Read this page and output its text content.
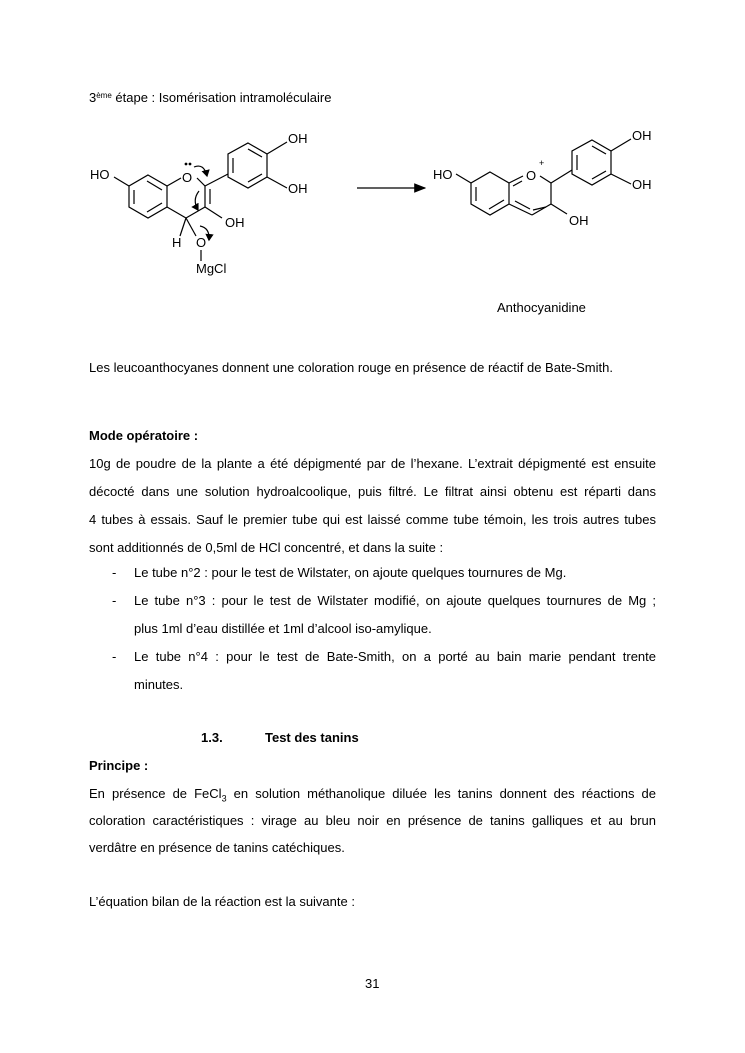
3ème étape : Isomérisation intramoléculaire
HO	O
OH
OH
OH
H O
MgCl
HO	O
+
OH
OH
OH
Anthocyanidine
Les leucoanthocyanes donnent une coloration rouge en présence de réactif de Bate-Smith.
Mode opératoire :
10g de poudre de la plante a été dépigmenté par de l’hexane. L’extrait dépigmenté est ensuite
décocté dans une solution hydroalcoolique, puis filtré. Le filtrat ainsi obtenu est réparti dans
4 tubes à essais. Sauf le premier tube qui est laissé comme tube témoin, les trois autres tubes
sont additionnés de 0,5ml de HCl concentré, et dans la suite :
- Le tube n°2 : pour le test de Wilstater, on ajoute quelques tournures de Mg.
- Le tube n°3 : pour le test de Wilstater modifié, on ajoute quelques tournures de Mg ;
plus 1ml d’eau distillée et 1ml d’alcool iso-amylique.
- Le tube n°4 : pour le test de Bate-Smith, on a porté au bain marie pendant trente
minutes.
1.3.	Test des tanins
Principe :
En présence de FeCl$_3$ en solution méthanolique diluée les tanins donnent des réactions de
coloration caractéristiques : virage au bleu noir en présence de tanins galliques et au brun
verdâtre en présence de tanins catéchiques.
L’équation bilan de la réaction est la suivante :
31
